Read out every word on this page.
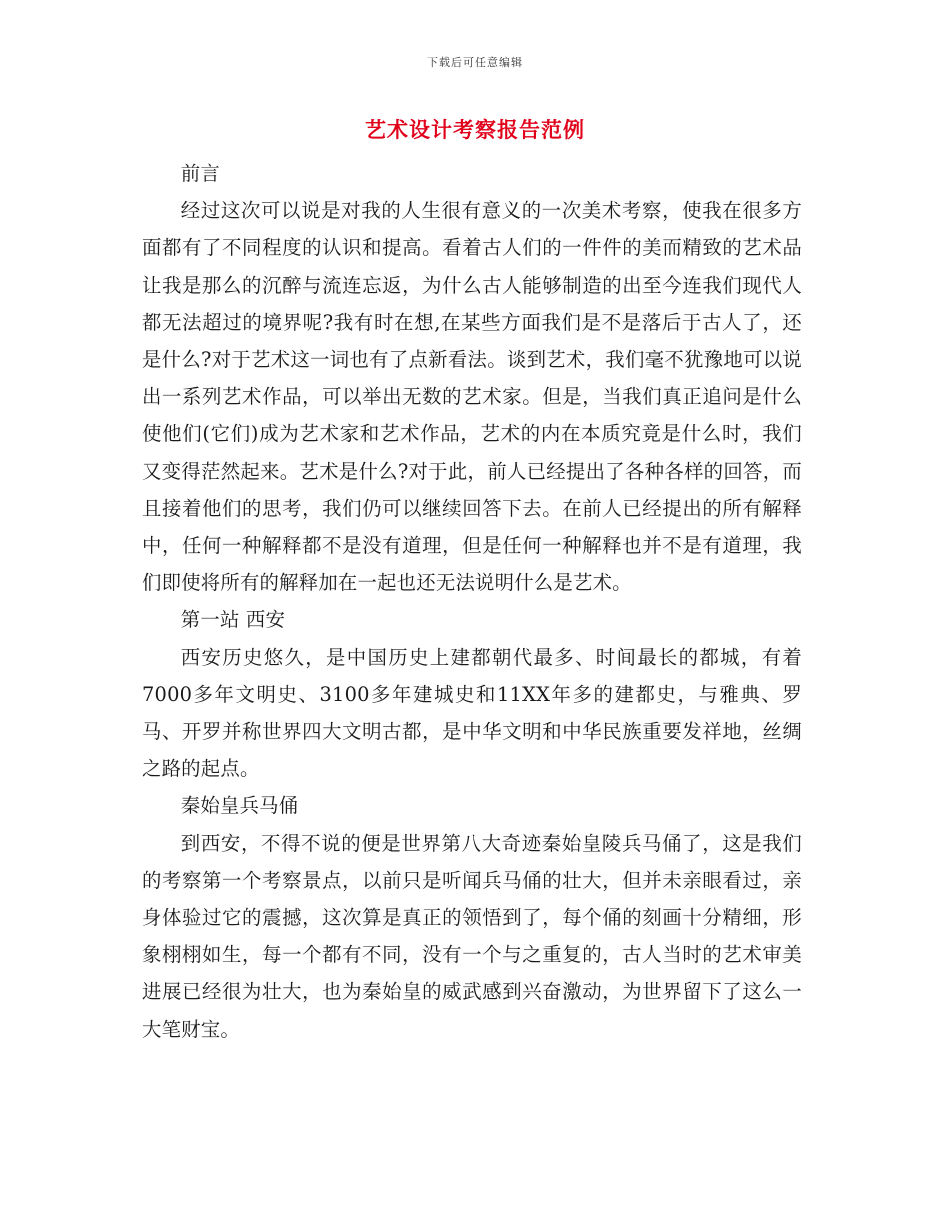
下载后可任意编辑
艺术设计考察报告范例

前言

经过这次可以说是对我的人生很有意义的一次美术考察，使我在很多方面都有了不同程度的认识和提高。看着古人们的一件件的美而精致的艺术品让我是那么的沉醉与流连忘返，为什么古人能够制造的出至今连我们现代人都无法超过的境界呢?我有时在想,在某些方面我们是不是落后于古人了，还是什么?对于艺术这一词也有了点新看法。谈到艺术，我们毫不犹豫地可以说出一系列艺术作品，可以举出无数的艺术家。但是，当我们真正追问是什么使他们(它们)成为艺术家和艺术作品，艺术的内在本质究竟是什么时，我们又变得茫然起来。艺术是什么?对于此，前人已经提出了各种各样的回答，而且接着他们的思考，我们仍可以继续回答下去。在前人已经提出的所有解释中，任何一种解释都不是没有道理，但是任何一种解释也并不是有道理，我们即使将所有的解释加在一起也还无法说明什么是艺术。

第一站 西安

西安历史悠久，是中国历史上建都朝代最多、时间最长的都城，有着7000多年文明史、3100多年建城史和11XX年多的建都史，与雅典、罗马、开罗并称世界四大文明古都，是中华文明和中华民族重要发祥地，丝绸之路的起点。

秦始皇兵马俑

到西安，不得不说的便是世界第八大奇迹秦始皇陵兵马俑了，这是我们的考察第一个考察景点，以前只是听闻兵马俑的壮大，但并未亲眼看过，亲身体验过它的震撼，这次算是真正的领悟到了，每个俑的刻画十分精细，形象栩栩如生，每一个都有不同，没有一个与之重复的，古人当时的艺术审美进展已经很为壮大，也为秦始皇的威武感到兴奋激动，为世界留下了这么一大笔财宝。
